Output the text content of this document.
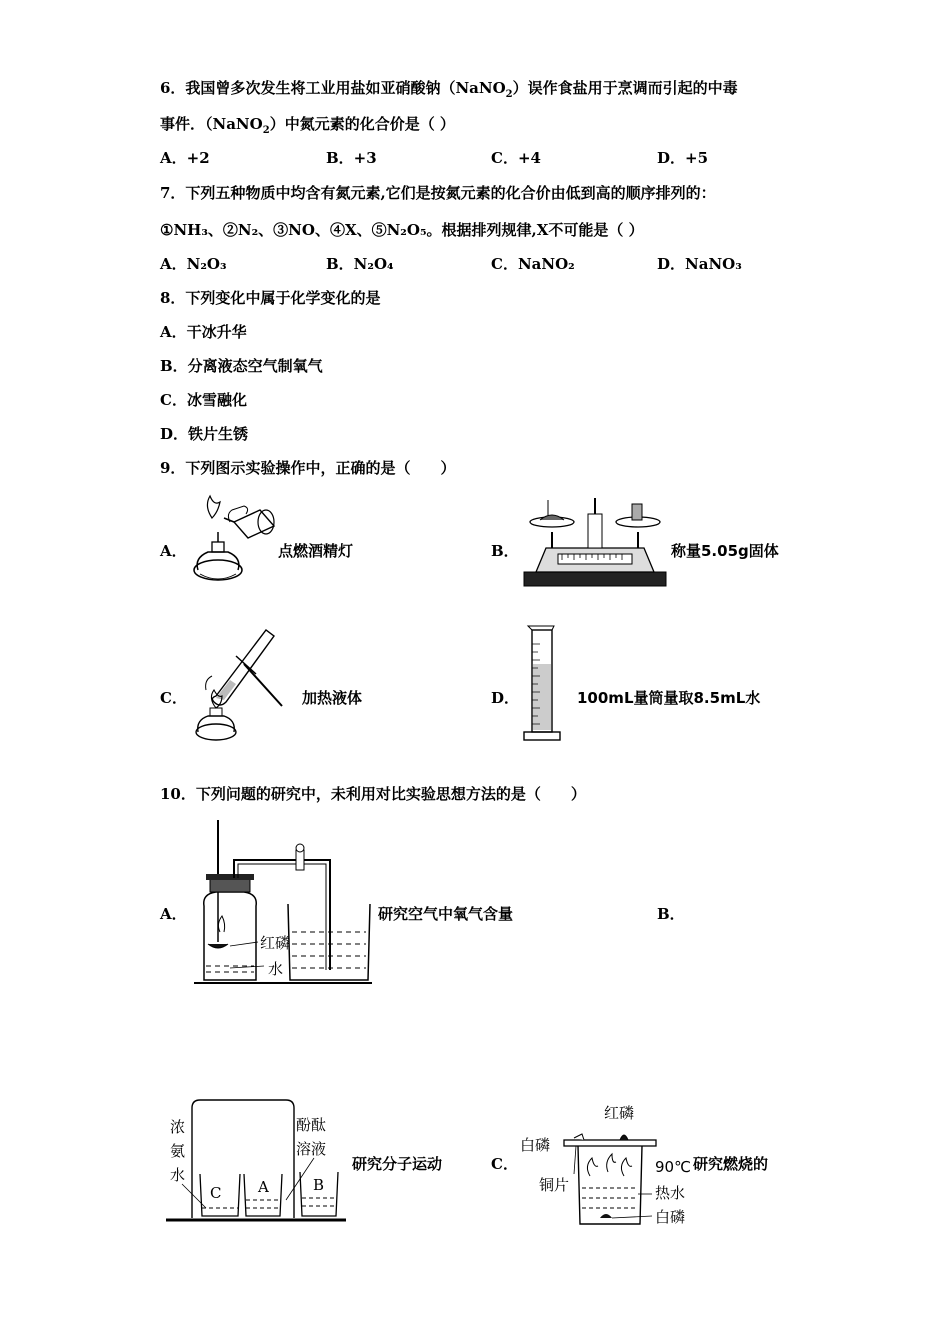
6．我国曾多次发生将工业用盐如亚硝酸钠（NaNO$_2$）误作食盐用于烹调而引起的中毒
事件．（NaNO$_2$）中氮元素的化合价是（ ）
A．+2	B．+3	C．+4	D．+5
7．下列五种物质中均含有氮元素,它们是按氮元素的化合价由低到高的顺序排列的：
①NH₃、②N₂、③NO、④X、⑤N₂O₅。根据排列规律,X不可能是（ ）
A．N₂O₃	B．N₂O₄	C．NaNO₂	D．NaNO₃
8．下列变化中属于化学变化的是
A．干冰升华
B．分离液态空气制氧气
C．冰雪融化
D．铁片生锈
9．下列图示实验操作中，正确的是（　　）
A．	点燃酒精灯	B．	称量5.05g固体
C．	加热液体	D．	100mL量筒量取8.5mL水
10．下列问题的研究中，未利用对比实验思想方法的是（　　）
A．
红磷
水
研究空气中氧气含量	B．
浓
氨
水
酚酞
溶液
C A	B
研究分子运动	C．
红磷
白磷
铜片
90℃
热水
白磷
研究燃烧的
